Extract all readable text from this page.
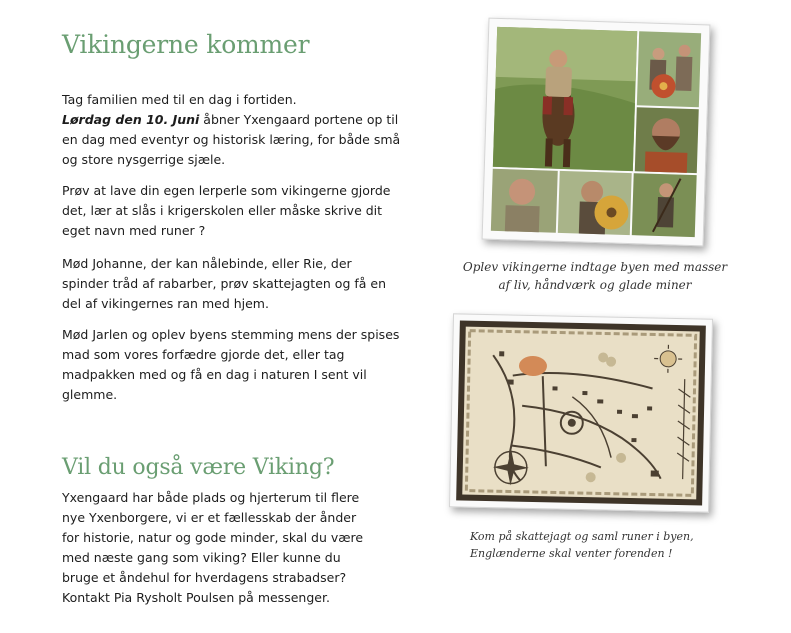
Vikingerne kommer

Tag familien med til en dag i fortiden.
Lørdag den 10. Juni åbner Yxengaard portene op til
en dag med eventyr og historisk læring, for både små
og store nysgerrige sjæle.

Prøv at lave din egen lerperle som vikingerne gjorde
det, lær at slås i krigerskolen eller måske skrive dit
eget navn med runer ?

Mød Johanne, der kan nålebinde, eller Rie, der
spinder tråd af rabarber, prøv skattejagten og få en
del af vikingernes ran med hjem.

Mød Jarlen og oplev byens stemming mens der spises
mad som vores forfædre gjorde det, eller tag
madpakken med og få en dag i naturen I sent vil
glemme.

Vil du også være Viking?

Yxengaard har både plads og hjerterum til flere
nye Yxenborgere, vi er et fællesskab der ånder
for historie, natur og gode minder, skal du være
med næste gang som viking? Eller kunne du
bruge et åndehul for hverdagens strabadser?
Kontakt Pia Rysholt Poulsen på messenger.

Oplev vikingerne indtage byen med masser
af liv, håndværk og glade miner

Kom på skattejagt og saml runer i byen,
Englænderne skal venter forenden !
